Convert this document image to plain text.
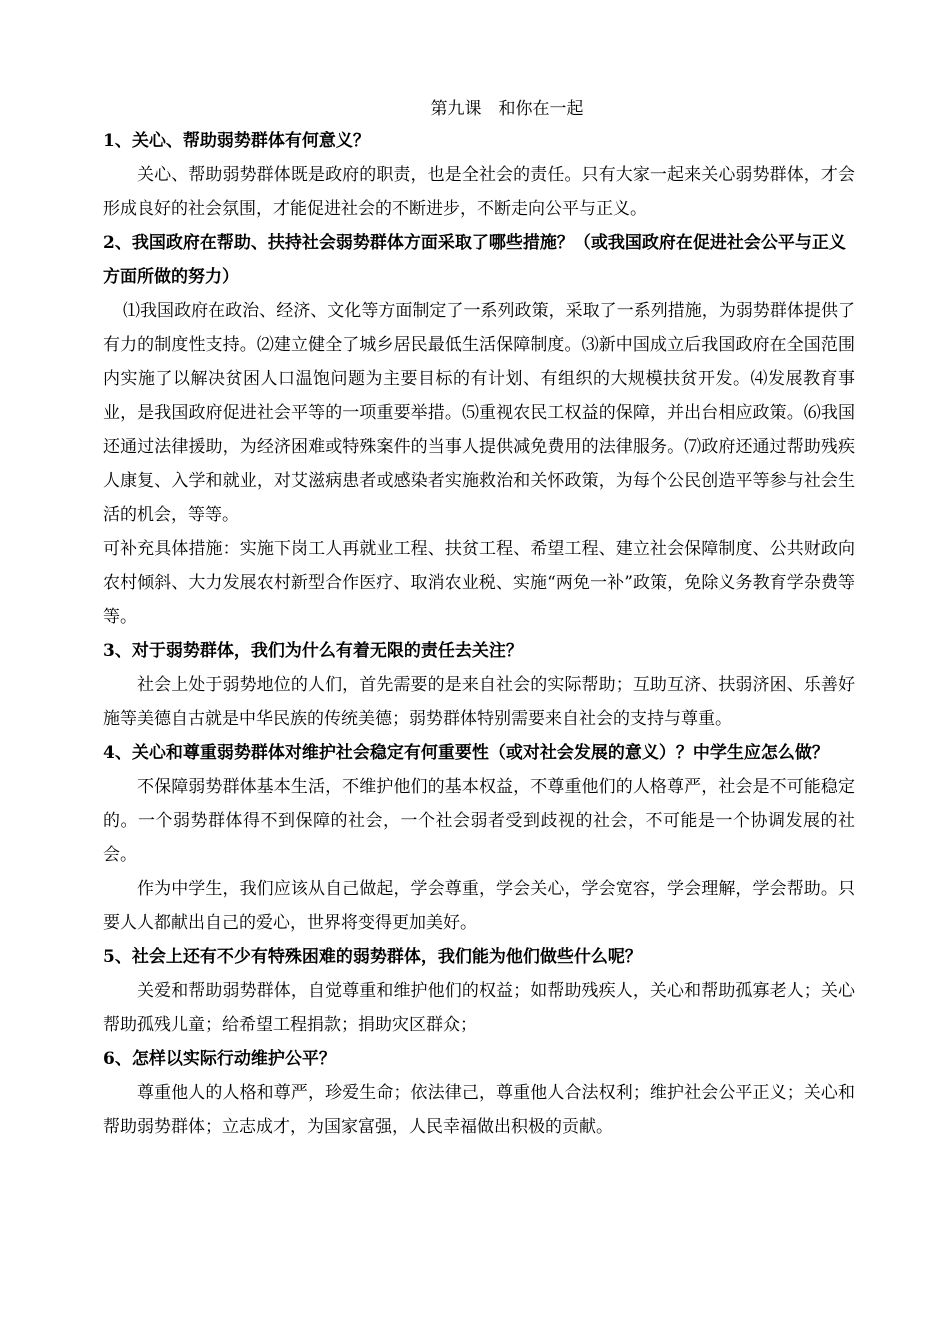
第九课　和你在一起

1、关心、帮助弱势群体有何意义？

关心、帮助弱势群体既是政府的职责，也是全社会的责任。只有大家一起来关心弱势群体，才会形成良好的社会氛围，才能促进社会的不断进步，不断走向公平与正义。

2、我国政府在帮助、扶持社会弱势群体方面采取了哪些措施？（或我国政府在促进社会公平与正义方面所做的努力）

⑴我国政府在政治、经济、文化等方面制定了一系列政策，采取了一系列措施，为弱势群体提供了有力的制度性支持。⑵建立健全了城乡居民最低生活保障制度。⑶新中国成立后我国政府在全国范围内实施了以解决贫困人口温饱问题为主要目标的有计划、有组织的大规模扶贫开发。⑷发展教育事业，是我国政府促进社会平等的一项重要举措。⑸重视农民工权益的保障，并出台相应政策。⑹我国还通过法律援助，为经济困难或特殊案件的当事人提供减免费用的法律服务。⑺政府还通过帮助残疾人康复、入学和就业，对艾滋病患者或感染者实施救治和关怀政策，为每个公民创造平等参与社会生活的机会，等等。

可补充具体措施：实施下岗工人再就业工程、扶贫工程、希望工程、建立社会保障制度、公共财政向农村倾斜、大力发展农村新型合作医疗、取消农业税、实施“两免一补”政策，免除义务教育学杂费等等。

3、对于弱势群体，我们为什么有着无限的责任去关注？

社会上处于弱势地位的人们，首先需要的是来自社会的实际帮助；互助互济、扶弱济困、乐善好施等美德自古就是中华民族的传统美德；弱势群体特别需要来自社会的支持与尊重。

4、关心和尊重弱势群体对维护社会稳定有何重要性（或对社会发展的意义）？中学生应怎么做？

不保障弱势群体基本生活，不维护他们的基本权益，不尊重他们的人格尊严，社会是不可能稳定的。一个弱势群体得不到保障的社会，一个社会弱者受到歧视的社会，不可能是一个协调发展的社会。

作为中学生，我们应该从自己做起，学会尊重，学会关心，学会宽容，学会理解，学会帮助。只要人人都献出自己的爱心，世界将变得更加美好。

5、社会上还有不少有特殊困难的弱势群体，我们能为他们做些什么呢？

关爱和帮助弱势群体，自觉尊重和维护他们的权益；如帮助残疾人，关心和帮助孤寡老人；关心帮助孤残儿童；给希望工程捐款；捐助灾区群众；

6、怎样以实际行动维护公平？

尊重他人的人格和尊严，珍爱生命；依法律己，尊重他人合法权利；维护社会公平正义；关心和帮助弱势群体；立志成才，为国家富强，人民幸福做出积极的贡献。
